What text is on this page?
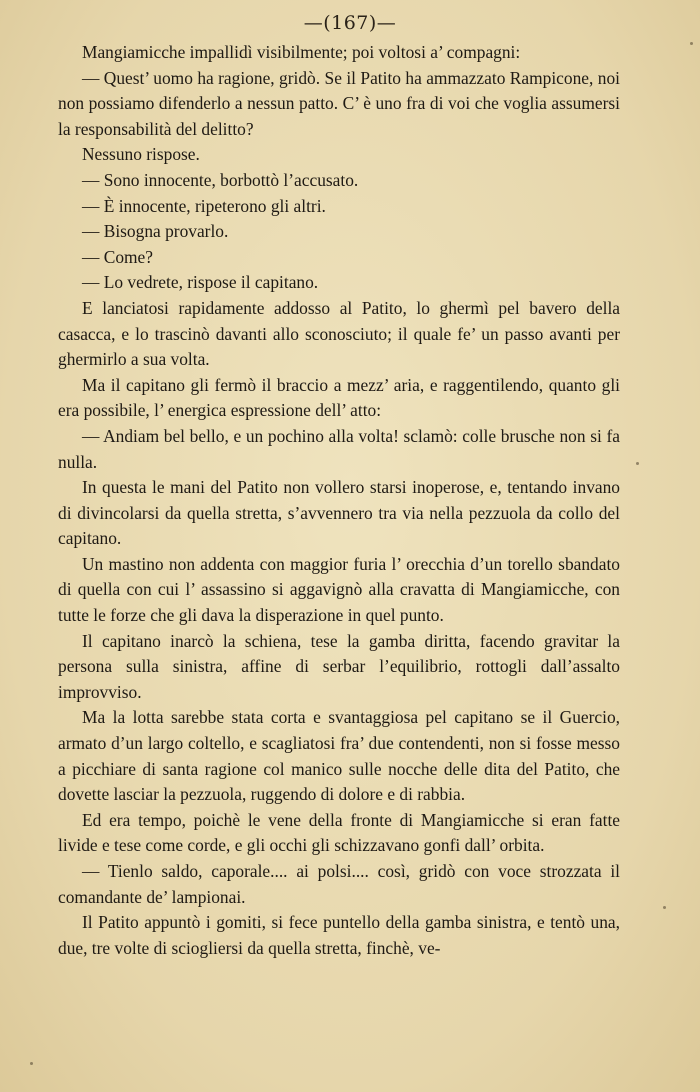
—(167)—

Mangiamicche impallidì visibilmente; poi voltosi a’ compagni:

— Quest’ uomo ha ragione, gridò. Se il Patito ha ammazzato Rampicone, noi non possiamo difenderlo a nessun patto. C’ è uno fra di voi che voglia assumersi la responsabilità del delitto?

Nessuno rispose.

— Sono innocente, borbottò l’accusato.

— È innocente, ripeterono gli altri.

— Bisogna provarlo.

— Come?

— Lo vedrete, rispose il capitano.

E lanciatosi rapidamente addosso al Patito, lo ghermì pel bavero della casacca, e lo trascinò davanti allo sconosciuto; il quale fe’ un passo avanti per ghermirlo a sua volta.

Ma il capitano gli fermò il braccio a mezz’ aria, e raggentilendo, quanto gli era possibile, l’ energica espressione dell’ atto:

— Andiam bel bello, e un pochino alla volta! sclamò: colle brusche non si fa nulla.

In questa le mani del Patito non vollero starsi inoperose, e, tentando invano di divincolarsi da quella stretta, s’avvennero tra via nella pezzuola da collo del capitano.

Un mastino non addenta con maggior furia l’ orecchia d’un torello sbandato di quella con cui l’ assassino si aggavignò alla cravatta di Mangiamicche, con tutte le forze che gli dava la disperazione in quel punto.

Il capitano inarcò la schiena, tese la gamba diritta, facendo gravitar la persona sulla sinistra, affine di serbar l’equilibrio, rottogli dall’assalto improvviso.

Ma la lotta sarebbe stata corta e svantaggiosa pel capitano se il Guercio, armato d’un largo coltello, e scagliatosi fra’ due contendenti, non si fosse messo a picchiare di santa ragione col manico sulle nocche delle dita del Patito, che dovette lasciar la pezzuola, ruggendo di dolore e di rabbia.

Ed era tempo, poichè le vene della fronte di Mangiamicche si eran fatte livide e tese come corde, e gli occhi gli schizzavano gonfi dall’ orbita.

— Tienlo saldo, caporale.... ai polsi.... così, gridò con voce strozzata il comandante de’ lampionai.

Il Patito appuntò i gomiti, si fece puntello della gamba sinistra, e tentò una, due, tre volte di sciogliersi da quella stretta, finchè, ve-
